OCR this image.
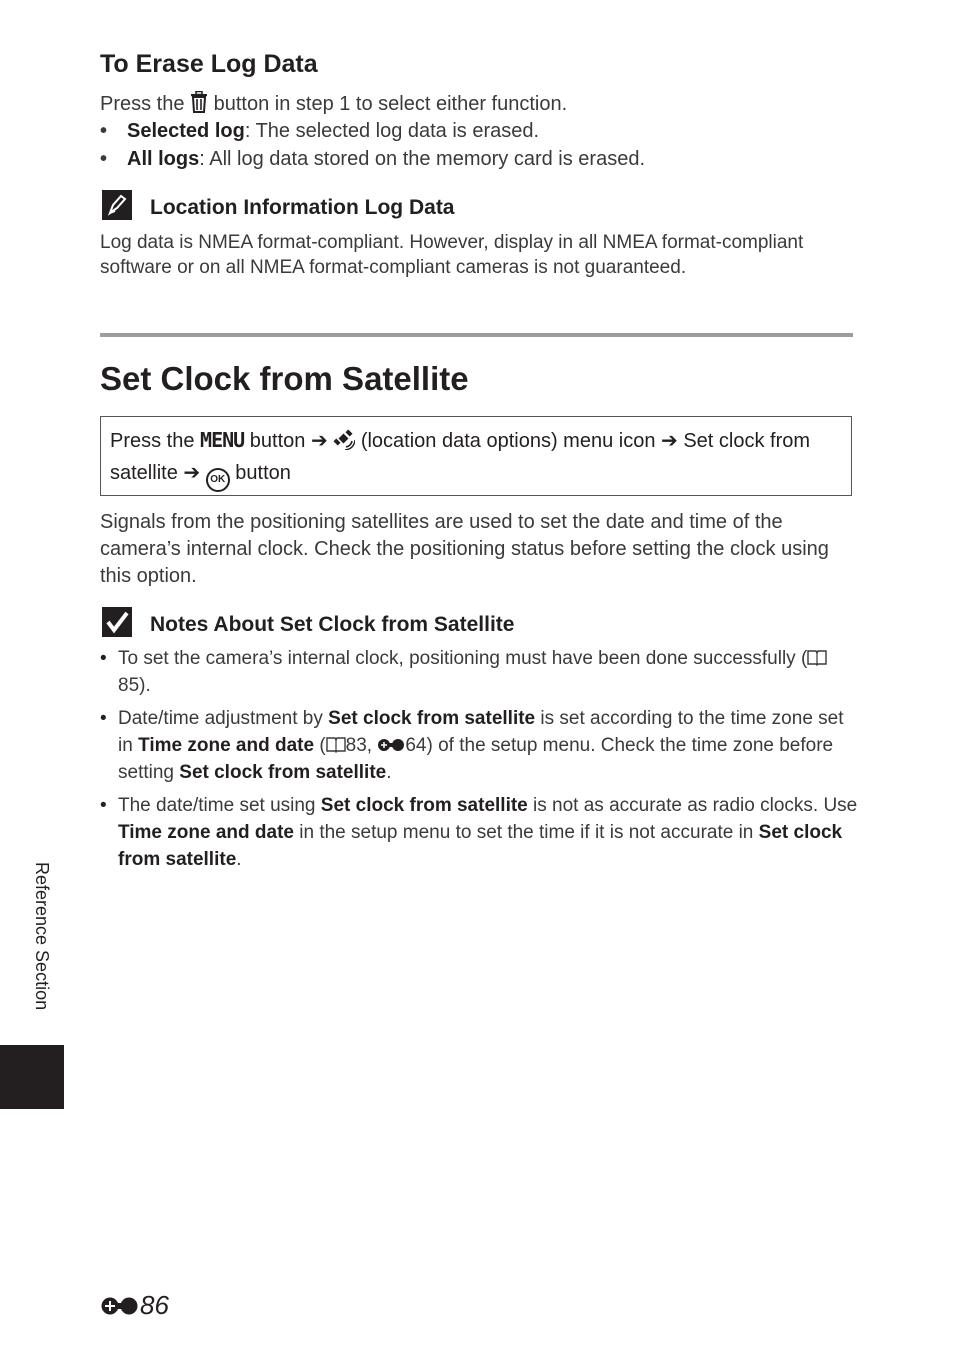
To Erase Log Data
Press the  button in step 1 to select either function.
• Selected log: The selected log data is erased.
• All logs: All log data stored on the memory card is erased.
Location Information Log Data
Log data is NMEA format-compliant. However, display in all NMEA format-compliant software or on all NMEA format-compliant cameras is not guaranteed.
Set Clock from Satellite
Press the MENU button ➔  (location data options) menu icon ➔ Set clock from satellite ➔ OK button
Signals from the positioning satellites are used to set the date and time of the camera’s internal clock. Check the positioning status before setting the clock using this option.
Notes About Set Clock from Satellite
• To set the camera’s internal clock, positioning must have been done successfully (85).
• Date/time adjustment by Set clock from satellite is set according to the time zone set in Time zone and date ( 83, 64) of the setup menu. Check the time zone before setting Set clock from satellite.
• The date/time set using Set clock from satellite is not as accurate as radio clocks. Use Time zone and date in the setup menu to set the time if it is not accurate in Set clock from satellite.
Reference Section
86
